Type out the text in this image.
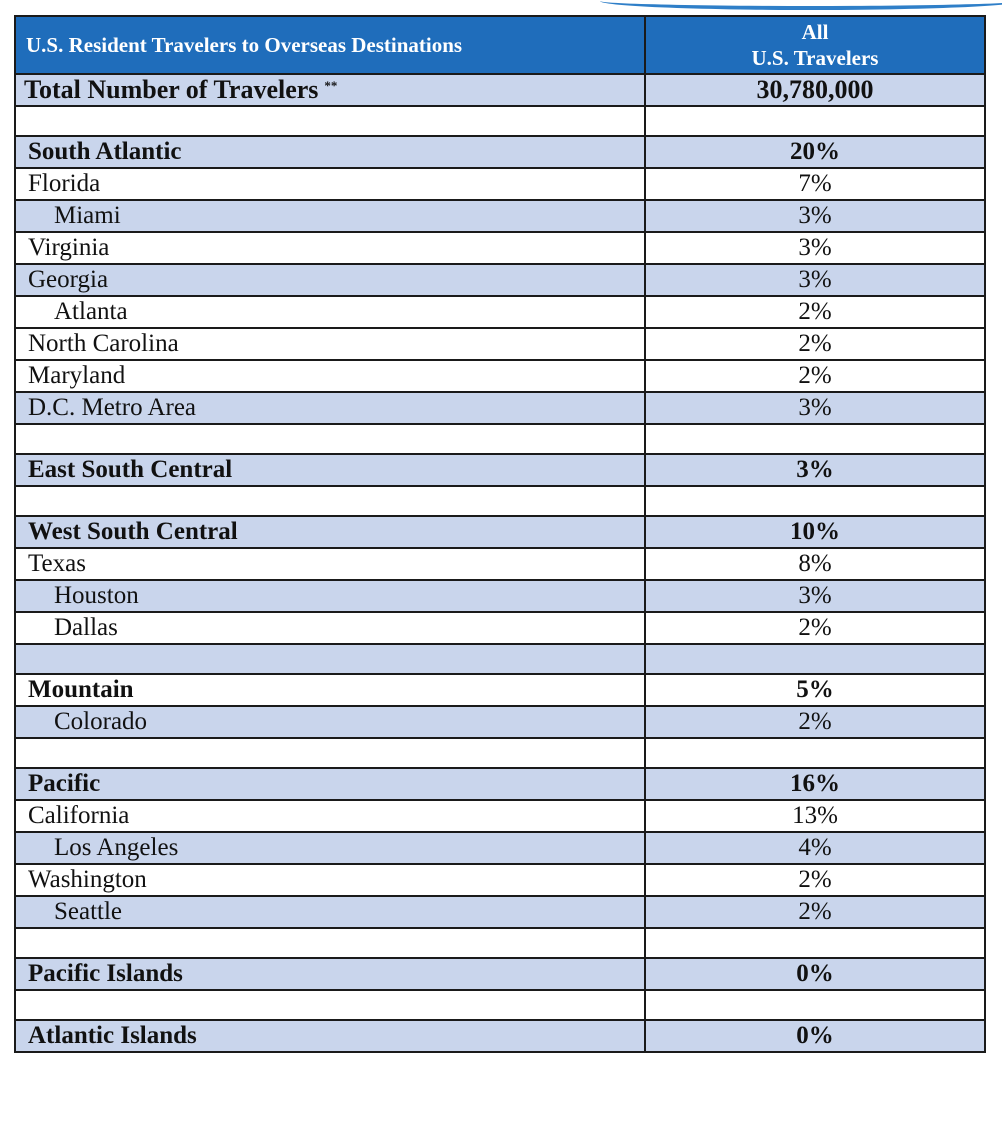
U.S. Resident Travelers to Overseas Destinations	All
U.S. Travelers
Total Number of Travelers **	30,780,000

South Atlantic	20%
Florida	7%
Miami	3%
Virginia	3%
Georgia	3%
Atlanta	2%
North Carolina	2%
Maryland	2%
D.C. Metro Area	3%

East South Central	3%

West South Central	10%
Texas	8%
Houston	3%
Dallas	2%

Mountain	5%
Colorado	2%

Pacific	16%
California	13%
Los Angeles	4%
Washington	2%
Seattle	2%

Pacific Islands	0%

Atlantic Islands	0%
